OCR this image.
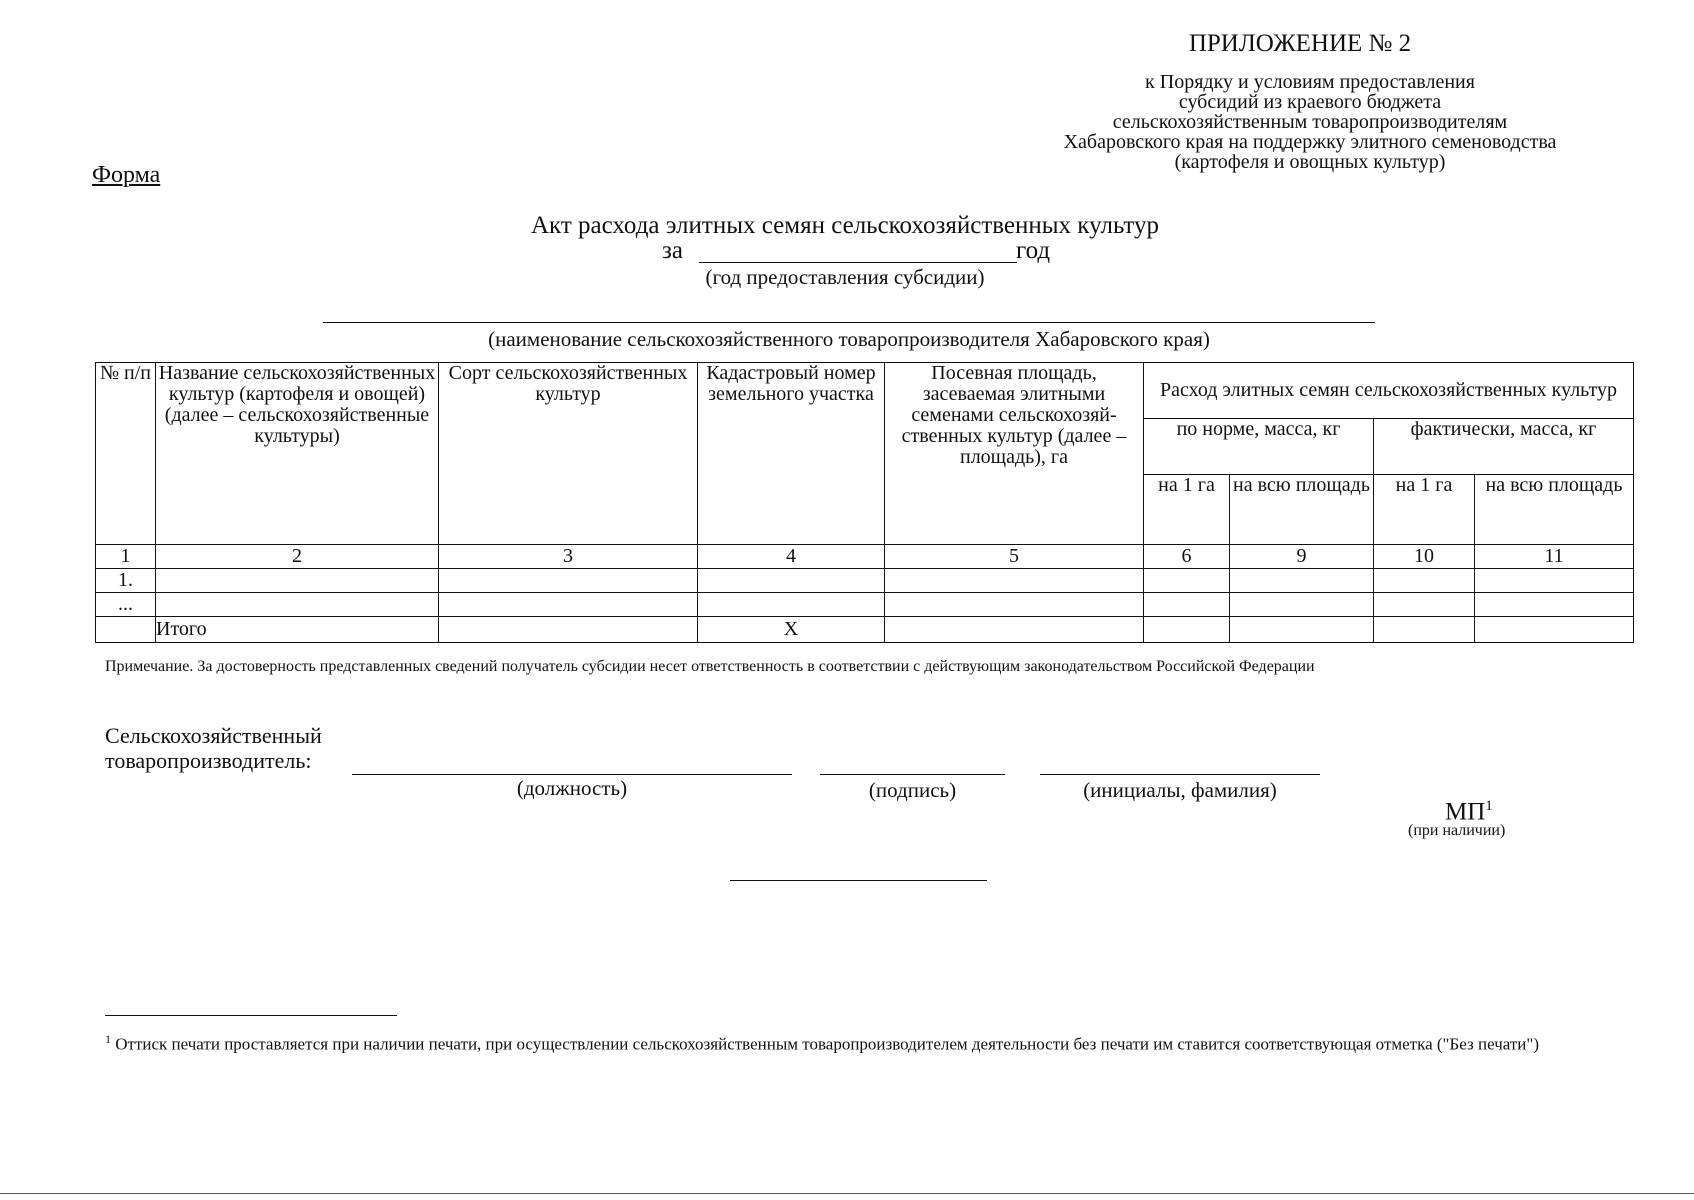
ПРИЛОЖЕНИЕ № 2
к Порядку и условиям предоставления
субсидий из краевого бюджета
сельскохозяйственным товаропроизводителям
Хабаровского края на поддержку элитного семеноводства
(картофеля и овощных культур)
Форма
Акт расхода элитных семян сельскохозяйственных культур
за	год
(год предоставления субсидии)
(наименование сельскохозяйственного товаропроизводителя Хабаровского края)
№ п/п	Название сельскохозяйственных культур (картофеля и овощей) (далее – сельскохозяйственные культуры)	Сорт сельскохозяйственных культур	Кадастровый номер земельного участка	Посевная площадь, засеваемая элитными семенами сельскохозяй-ственных культур (далее – площадь), га	Расход элитных семян сельскохозяйственных культур			
					по норме, масса, кг		фактически, масса, кг	
					на 1 га	на всю площадь	на 1 га	на всю площадь
1	2	3	4	5	6	9	10	11
1.								
...								
	Итого		X					
Примечание. За достоверность представленных сведений получатель субсидии несет ответственность в соответствии с действующим законодательством Российской Федерации
Сельскохозяйственный
товаропроизводитель:
(должность)	(подпись)	(инициалы, фамилия)
$МП^1$
(при наличии)
$^1$ Оттиск печати проставляется при наличии печати, при осуществлении сельскохозяйственным товаропроизводителем деятельности без печати им ставится соответствующая отметка ("Без печати")
